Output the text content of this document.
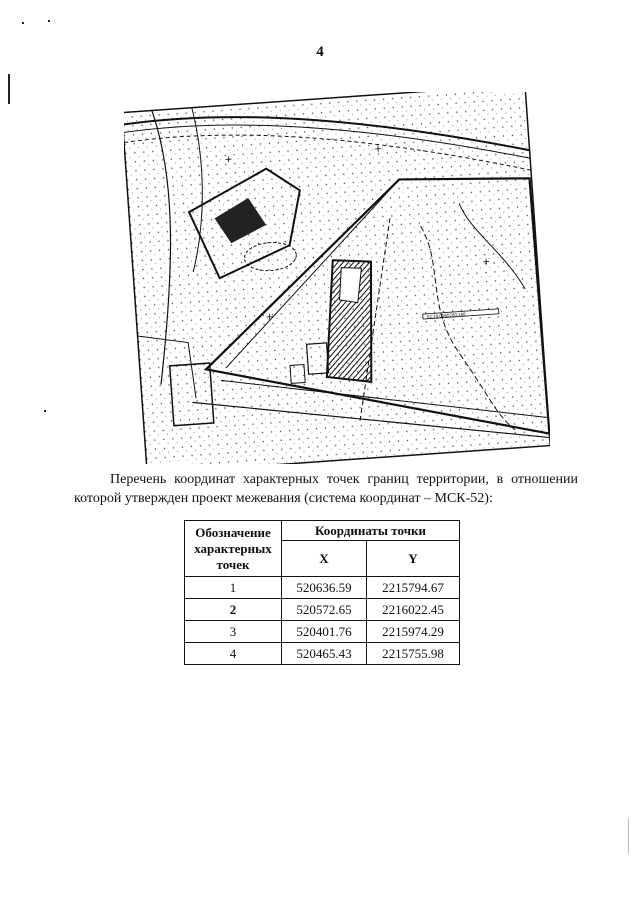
4
52:18:0060200:168
Перечень координат характерных точек границ территории, в отношении которой утвержден проект межевания (система координат – МСК-52):
Обозначение характерных точек	Координаты точки	
	X	Y
1	520636.59	2215794.67
2	520572.65	2216022.45
3	520401.76	2215974.29
4	520465.43	2215755.98
